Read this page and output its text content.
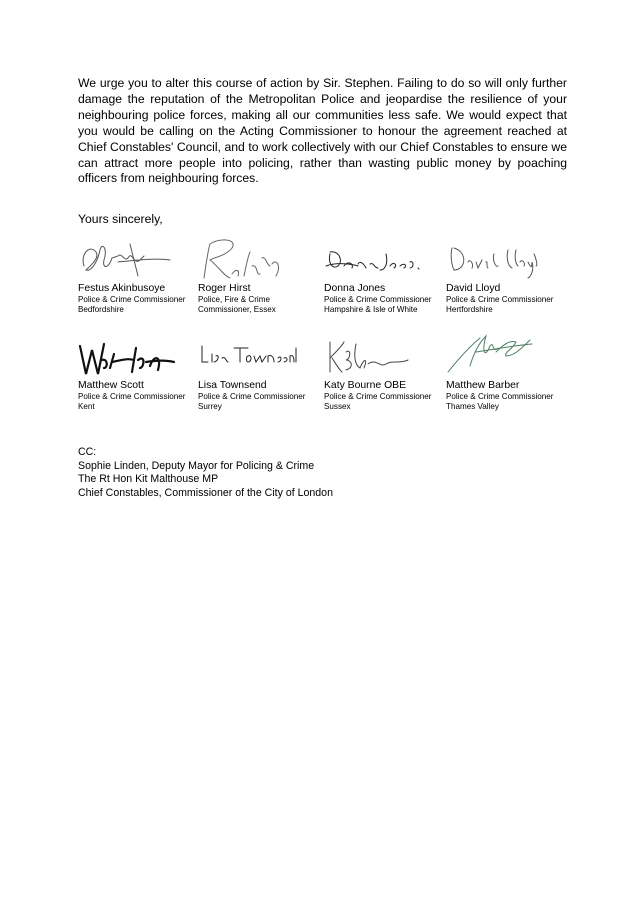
We urge you to alter this course of action by Sir. Stephen. Failing to do so will only further damage the reputation of the Metropolitan Police and jeopardise the resilience of your neighbouring police forces, making all our communities less safe. We would expect that you would be calling on the Acting Commissioner to honour the agreement reached at Chief Constables' Council, and to work collectively with our Chief Constables to ensure we can attract more people into policing, rather than wasting public money by poaching officers from neighbouring forces.

Yours sincerely,

Festus Akinbusoye
Police & Crime Commissioner
Bedfordshire
Roger Hirst
Police, Fire & Crime
Commissioner, Essex
Donna Jones
Police & Crime Commissioner
Hampshire & Isle of White
David Lloyd
Police & Crime Commissioner
Hertfordshire
Matthew Scott
Police & Crime Commissioner
Kent
Lisa Townsend
Police & Crime Commissioner
Surrey
Katy Bourne OBE
Police & Crime Commissioner
Sussex
Matthew Barber
Police & Crime Commissioner
Thames Valley
CC:
Sophie Linden, Deputy Mayor for Policing & Crime
The Rt Hon Kit Malthouse MP
Chief Constables, Commissioner of the City of London
